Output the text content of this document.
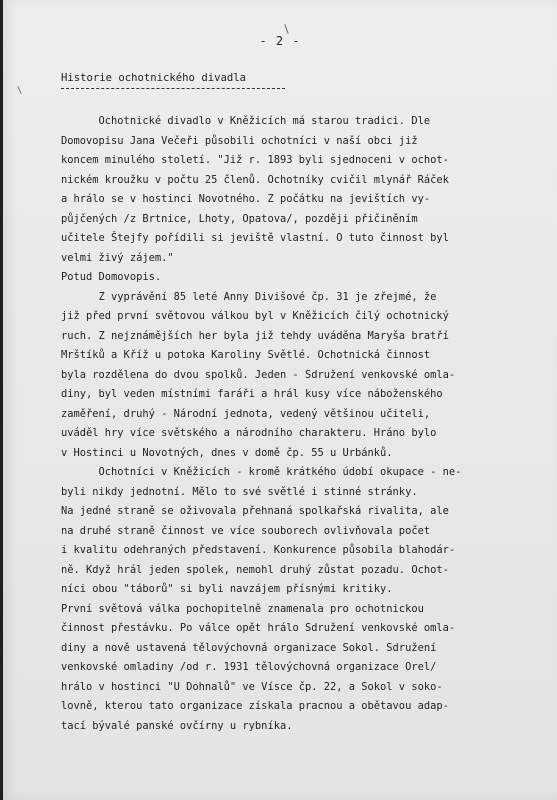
- 2 -
Historie ochotnického divadla
Ochotnické divadlo v Kněžicích má starou tradici. Dle
Domovopisu Jana Večeři působili ochotníci v naší obci již
koncem minulého století. "Již r. 1893 byli sjednoceni v ochot-
nickém kroužku v počtu 25 členů. Ochotníky cvičil mlynář Ráček
a hrálo se v hostinci Novotného. Z počátku na jevištích vy-
půjčených /z Brtnice, Lhoty, Opatova/, později přičiněním
učitele Štejfy pořídili si jeviště vlastní. O tuto činnost byl
velmi živý zájem."
Potud Domovopis.
Z vyprávění 85 leté Anny Divišové čp. 31 je zřejmé, že
již před první světovou válkou byl v Kněžicích čilý ochotnický
ruch. Z nejznámějších her byla již tehdy uváděna Maryša bratří
Mrštíků a Kříž u potoka Karoliny Světlé. Ochotnická činnost
byla rozdělena do dvou spolků. Jeden - Sdružení venkovské omla-
diny, byl veden místními faráři a hrál kusy více náboženského
zaměření, druhý - Národní jednota, vedený většinou učiteli,
uváděl hry více světského a národního charakteru. Hráno bylo
v Hostinci u Novotných, dnes v domě čp. 55 u Urbánků.
Ochotníci v Kněžicích - kromě krátkého údobí okupace - ne-
byli nikdy jednotní. Mělo to své světlé i stinné stránky.
Na jedné straně se oživovala přehnaná spolkařská rivalita, ale
na druhé straně činnost ve více souborech ovlivňovala počet
i kvalitu odehraných představení. Konkurence působila blahodár-
ně. Když hrál jeden spolek, nemohl druhý zůstat pozadu. Ochot-
níci obou "táborů" si byli navzájem přísnými kritiky.
První světová válka pochopitelně znamenala pro ochotnickou
činnost přestávku. Po válce opět hrálo Sdružení venkovské omla-
diny a nově ustavená tělovýchovná organizace Sokol. Sdružení
venkovské omladiny /od r. 1931 tělovýchovná organizace Orel/
hrálo v hostinci "U Dohnalů" ve Vísce čp. 22, a Sokol v soko-
lovně, kterou tato organizace získala pracnou a obětavou adap-
tací bývalé panské ovčírny u rybníka.
